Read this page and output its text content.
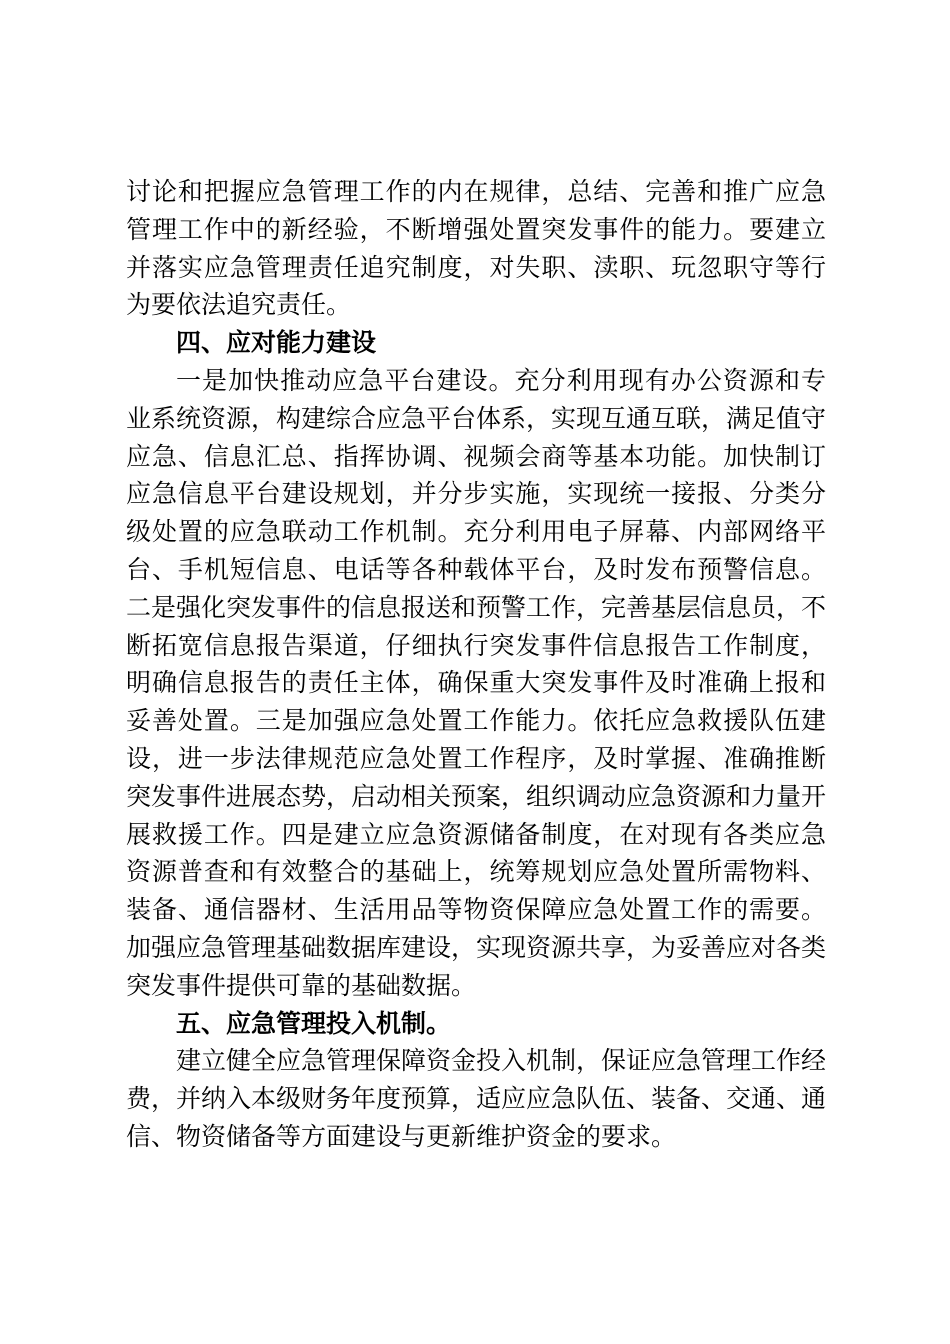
讨论和把握应急管理工作的内在规律，总结、完善和推广应急
管理工作中的新经验，不断增强处置突发事件的能力。要建立
并落实应急管理责任追究制度，对失职、渎职、玩忽职守等行
为要依法追究责任。
四、应对能力建设
一是加快推动应急平台建设。充分利用现有办公资源和专
业系统资源，构建综合应急平台体系，实现互通互联，满足值守
应急、信息汇总、指挥协调、视频会商等基本功能。加快制订
应急信息平台建设规划，并分步实施，实现统一接报、分类分
级处置的应急联动工作机制。充分利用电子屏幕、内部网络平
台、手机短信息、电话等各种载体平台，及时发布预警信息。
二是强化突发事件的信息报送和预警工作，完善基层信息员，不
断拓宽信息报告渠道，仔细执行突发事件信息报告工作制度，
明确信息报告的责任主体，确保重大突发事件及时准确上报和
妥善处置。三是加强应急处置工作能力。依托应急救援队伍建
设，进一步法律规范应急处置工作程序，及时掌握、准确推断
突发事件进展态势，启动相关预案，组织调动应急资源和力量开
展救援工作。四是建立应急资源储备制度，在对现有各类应急
资源普查和有效整合的基础上，统筹规划应急处置所需物料、
装备、通信器材、生活用品等物资保障应急处置工作的需要。
加强应急管理基础数据库建设，实现资源共享，为妥善应对各类
突发事件提供可靠的基础数据。
五、应急管理投入机制。
建立健全应急管理保障资金投入机制，保证应急管理工作经
费，并纳入本级财务年度预算，适应应急队伍、装备、交通、通
信、物资储备等方面建设与更新维护资金的要求。
